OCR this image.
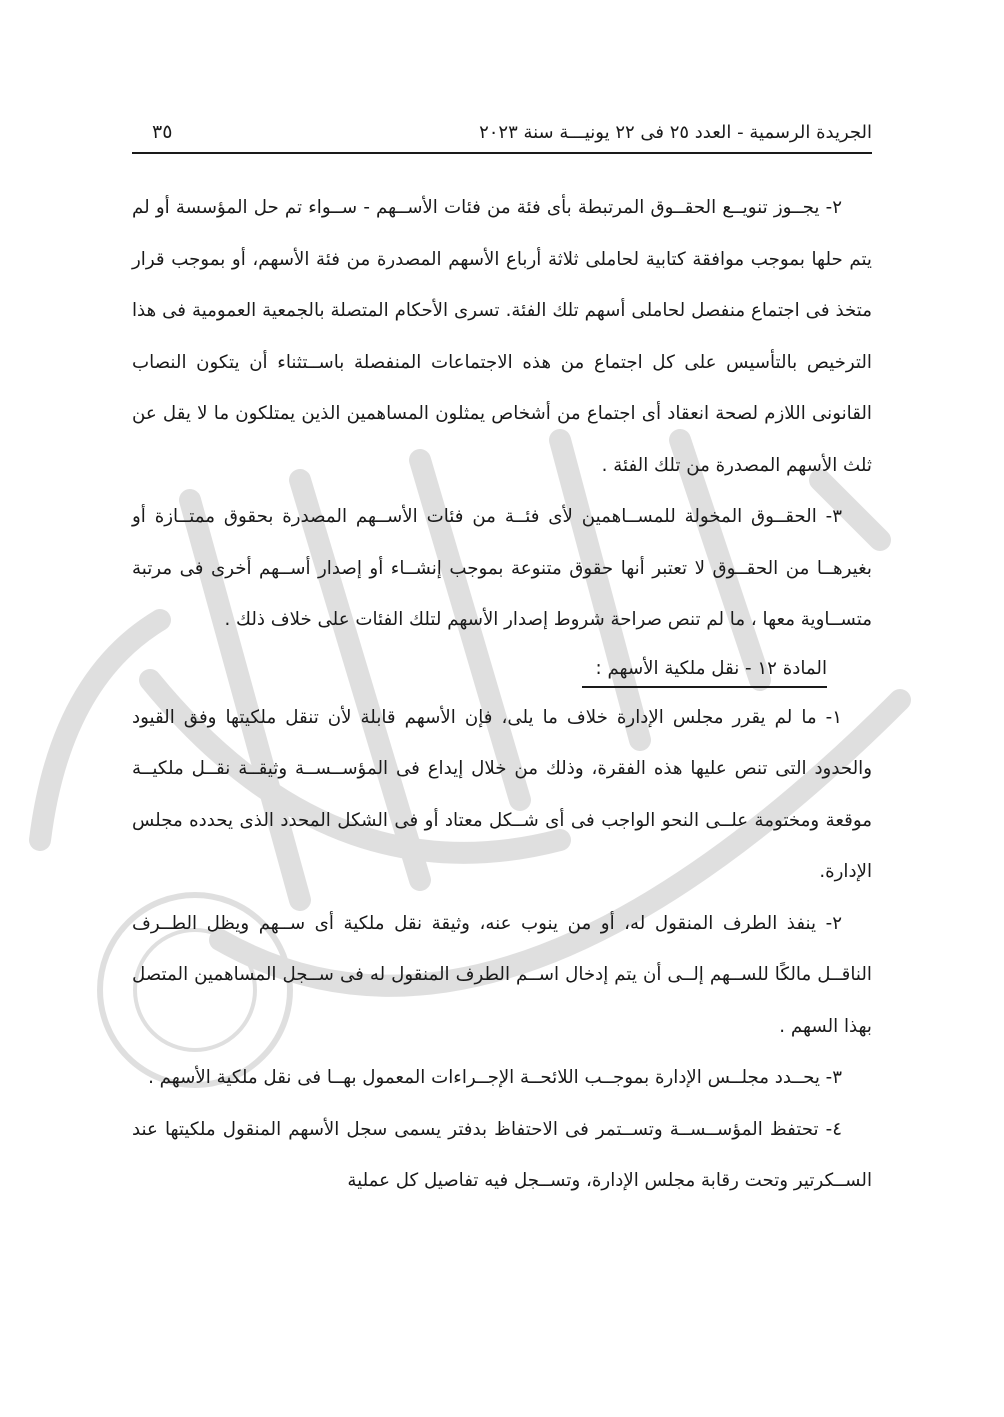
الجريدة الرسمية - العدد ٢٥ فى ٢٢ يونيـــة سنة ٢٠٢٣
٣٥

٢- يجــوز تنويــع الحقــوق المرتبطة بأى فئة من فئات الأســهم - ســواء تم حل المؤسسة أو لم يتم حلها بموجب موافقة كتابية لحاملى ثلاثة أرباع الأسهم المصدرة من فئة الأسهم، أو بموجب قرار متخذ فى اجتماع منفصل لحاملى أسهم تلك الفئة. تسرى الأحكام المتصلة بالجمعية العمومية فى هذا الترخيص بالتأسيس على كل اجتماع من هذه الاجتماعات المنفصلة باســتثناء أن يتكون النصاب القانونى اللازم لصحة انعقاد أى اجتماع من أشخاص يمثلون المساهمين الذين يمتلكون ما لا يقل عن ثلث الأسهم المصدرة من تلك الفئة .

٣- الحقــوق المخولة للمســاهمين لأى فئــة من فئات الأســهم المصدرة بحقوق ممتــازة أو بغيرهــا من الحقــوق لا تعتبر أنها حقوق متنوعة بموجب إنشــاء أو إصدار أســهم أخرى فى مرتبة متســاوية معها ، ما لم تنص صراحة شروط إصدار الأسهم لتلك الفئات على خلاف ذلك .

المادة ١٢ - نقل ملكية الأسهم :

١- ما لم يقرر مجلس الإدارة خلاف ما يلى، فإن الأسهم قابلة لأن تنقل ملكيتها وفق القيود والحدود التى تنص عليها هذه الفقرة، وذلك من خلال إيداع فى المؤســســة وثيقــة نقــل ملكيــة موقعة ومختومة علــى النحو الواجب فى أى شــكل معتاد أو فى الشكل المحدد الذى يحدده مجلس الإدارة.

٢- ينفذ الطرف المنقول له، أو من ينوب عنه، وثيقة نقل ملكية أى ســهم ويظل الطــرف الناقــل مالكًا للســهم إلــى أن يتم إدخال اســم الطرف المنقول له فى ســجل المساهمين المتصل بهذا السهم .

٣- يحــدد مجلــس الإدارة بموجــب اللائحــة الإجــراءات المعمول بهــا فى نقل ملكية الأسهم .

٤- تحتفظ المؤســســة وتســتمر فى الاحتفاظ بدفتر يسمى سجل الأسهم المنقول ملكيتها عند الســكرتير وتحت رقابة مجلس الإدارة، وتســجل فيه تفاصيل كل عملية
